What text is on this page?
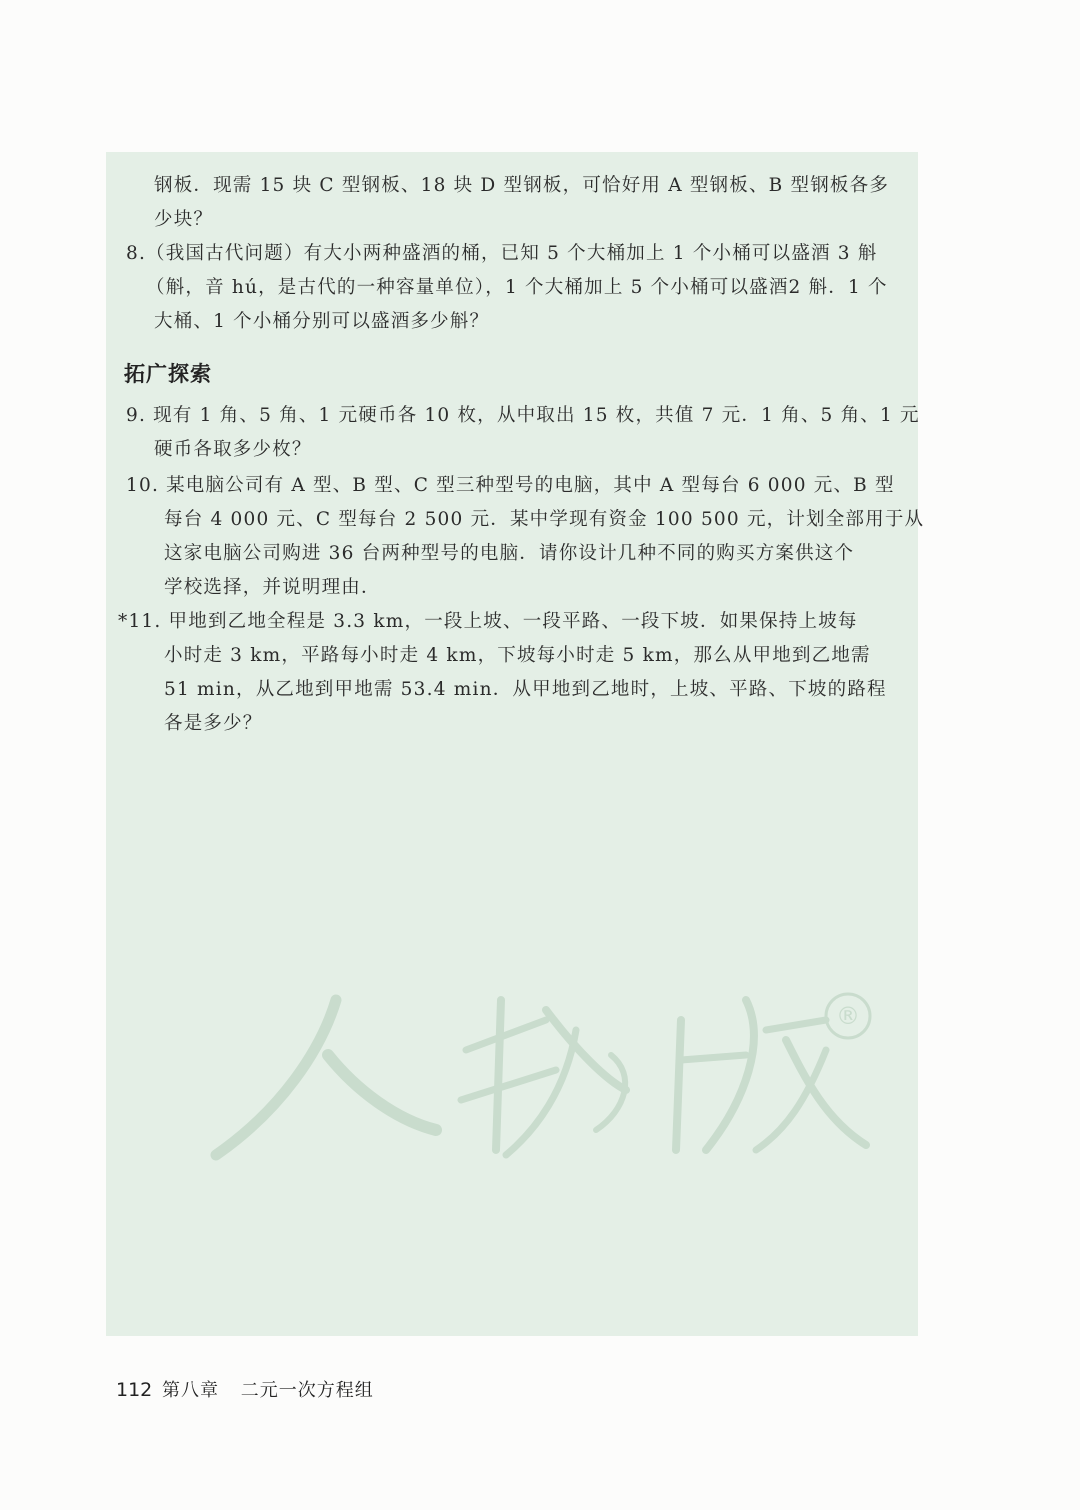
®
钢板．现需 15 块 C 型钢板、18 块 D 型钢板，可恰好用 A 型钢板、B 型钢板各多
少块？
8.（我国古代问题）有大小两种盛酒的桶，已知 5 个大桶加上 1 个小桶可以盛酒 3 斛
（斛，音 hú，是古代的一种容量单位），1 个大桶加上 5 个小桶可以盛酒2 斛．1 个
大桶、1 个小桶分别可以盛酒多少斛？
拓广探索
9. 现有 1 角、5 角、1 元硬币各 10 枚，从中取出 15 枚，共值 7 元．1 角、5 角、1 元
硬币各取多少枚？
10. 某电脑公司有 A 型、B 型、C 型三种型号的电脑，其中 A 型每台 6 000 元、B 型
每台 4 000 元、C 型每台 2 500 元．某中学现有资金 100 500 元，计划全部用于从
这家电脑公司购进 36 台两种型号的电脑．请你设计几种不同的购买方案供这个
学校选择，并说明理由．
*11. 甲地到乙地全程是 3.3 km，一段上坡、一段平路、一段下坡．如果保持上坡每
小时走 3 km，平路每小时走 4 km，下坡每小时走 5 km，那么从甲地到乙地需
51 min，从乙地到甲地需 53.4 min．从甲地到乙地时，上坡、平路、下坡的路程
各是多少？
112 第八章 二元一次方程组
